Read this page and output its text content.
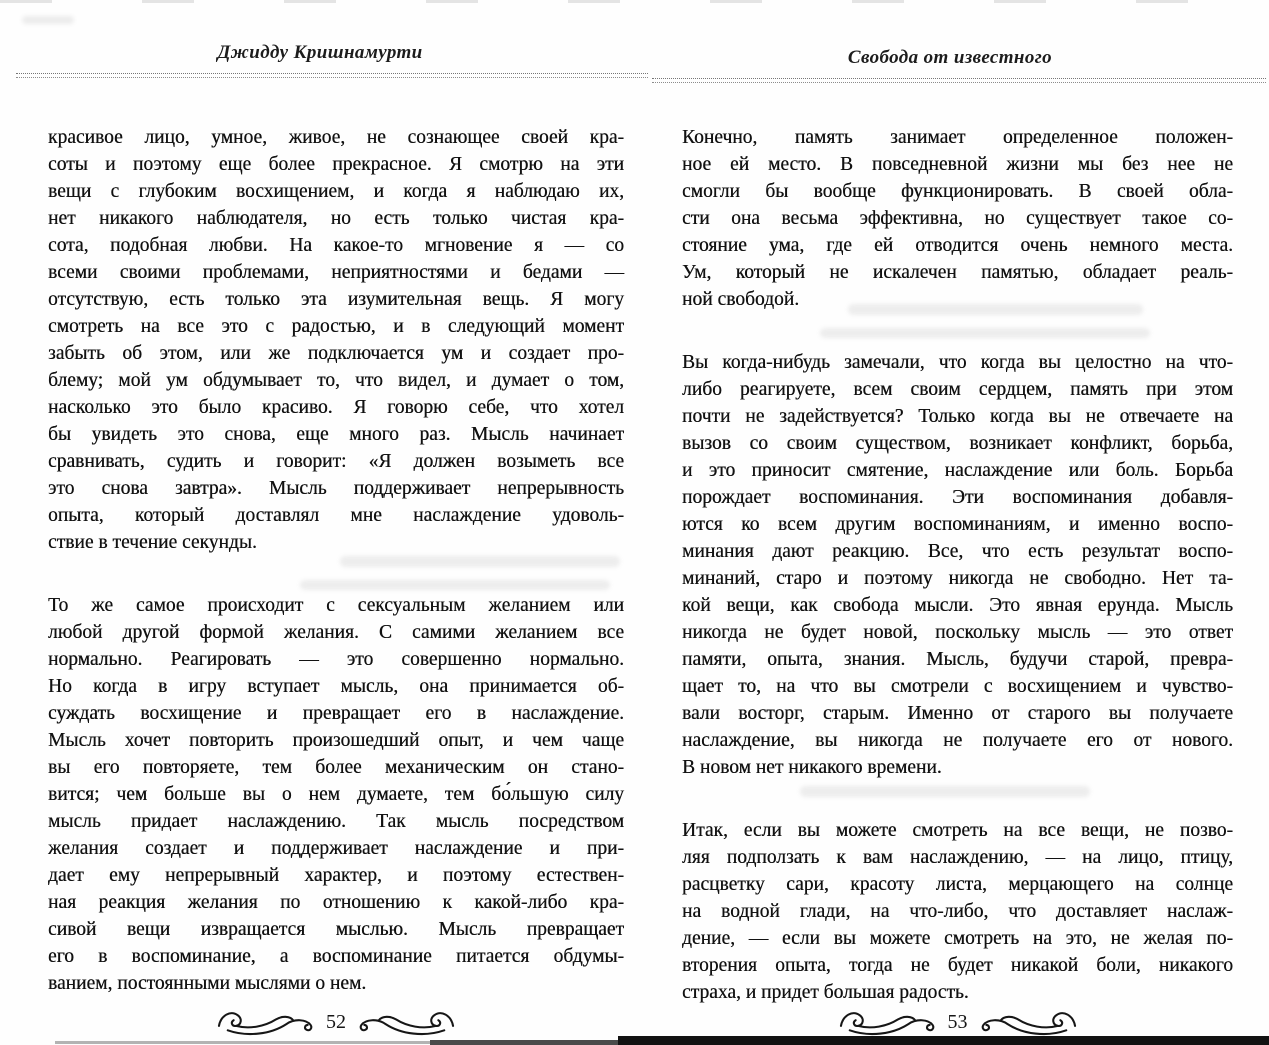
Джидду Кришнамурти
красивое лицо, умное, живое, не сознающее своей кра-
соты и поэтому еще более прекрасное. Я смотрю на эти
вещи с глубоким восхищением, и когда я наблюдаю их,
нет никакого наблюдателя, но есть только чистая кра-
сота, подобная любви. На какое-то мгновение я — со
всеми своими проблемами, неприятностями и бедами —
отсутствую, есть только эта изумительная вещь. Я могу
смотреть на все это с радостью, и в следующий момент
забыть об этом, или же подключается ум и создает про-
блему; мой ум обдумывает то, что видел, и думает о том,
насколько это было красиво. Я говорю себе, что хотел
бы увидеть это снова, еще много раз. Мысль начинает
сравнивать, судить и говорит: «Я должен возыметь все
это снова завтра». Мысль поддерживает непрерывность
опыта, который доставлял мне наслаждение удоволь-
ствие в течение секунды.
То же самое происходит с сексуальным желанием или
любой другой формой желания. С самими желанием все
нормально. Реагировать — это совершенно нормально.
Но когда в игру вступает мысль, она принимается об-
суждать восхищение и превращает его в наслаждение.
Мысль хочет повторить произошедший опыт, и чем чаще
вы его повторяете, тем более механическим он стано-
вится; чем больше вы о нем думаете, тем бо́льшую силу
мысль придает наслаждению. Так мысль посредством
желания создает и поддерживает наслаждение и при-
дает ему непрерывный характер, и поэтому естествен-
ная реакция желания по отношению к какой-либо кра-
сивой вещи извращается мыслью. Мысль превращает
его в воспоминание, а воспоминание питается обдумы-
ванием, постоянными мыслями о нем.
52
Свобода от известного
Конечно, память занимает определенное положен-
ное ей место. В повседневной жизни мы без нее не
смогли бы вообще функционировать. В своей обла-
сти она весьма эффективна, но существует такое со-
стояние ума, где ей отводится очень немного места.
Ум, который не искалечен памятью, обладает реаль-
ной свободой.
Вы когда-нибудь замечали, что когда вы целостно на что-
либо реагируете, всем своим сердцем, память при этом
почти не задействуется? Только когда вы не отвечаете на
вызов со своим существом, возникает конфликт, борьба,
и это приносит смятение, наслаждение или боль. Борьба
порождает воспоминания. Эти воспоминания добавля-
ются ко всем другим воспоминаниям, и именно воспо-
минания дают реакцию. Все, что есть результат воспо-
минаний, старо и поэтому никогда не свободно. Нет та-
кой вещи, как свобода мысли. Это явная ерунда. Мысль
никогда не будет новой, поскольку мысль — это ответ
памяти, опыта, знания. Мысль, будучи старой, превра-
щает то, на что вы смотрели с восхищением и чувство-
вали восторг, старым. Именно от старого вы получаете
наслаждение, вы никогда не получаете его от нового.
В новом нет никакого времени.
Итак, если вы можете смотреть на все вещи, не позво-
ляя подползать к вам наслаждению, — на лицо, птицу,
расцветку сари, красоту листа, мерцающего на солнце
на водной глади, на что-либо, что доставляет наслаж-
дение, — если вы можете смотреть на это, не желая по-
вторения опыта, тогда не будет никакой боли, никакого
страха, и придет большая радость.
53
